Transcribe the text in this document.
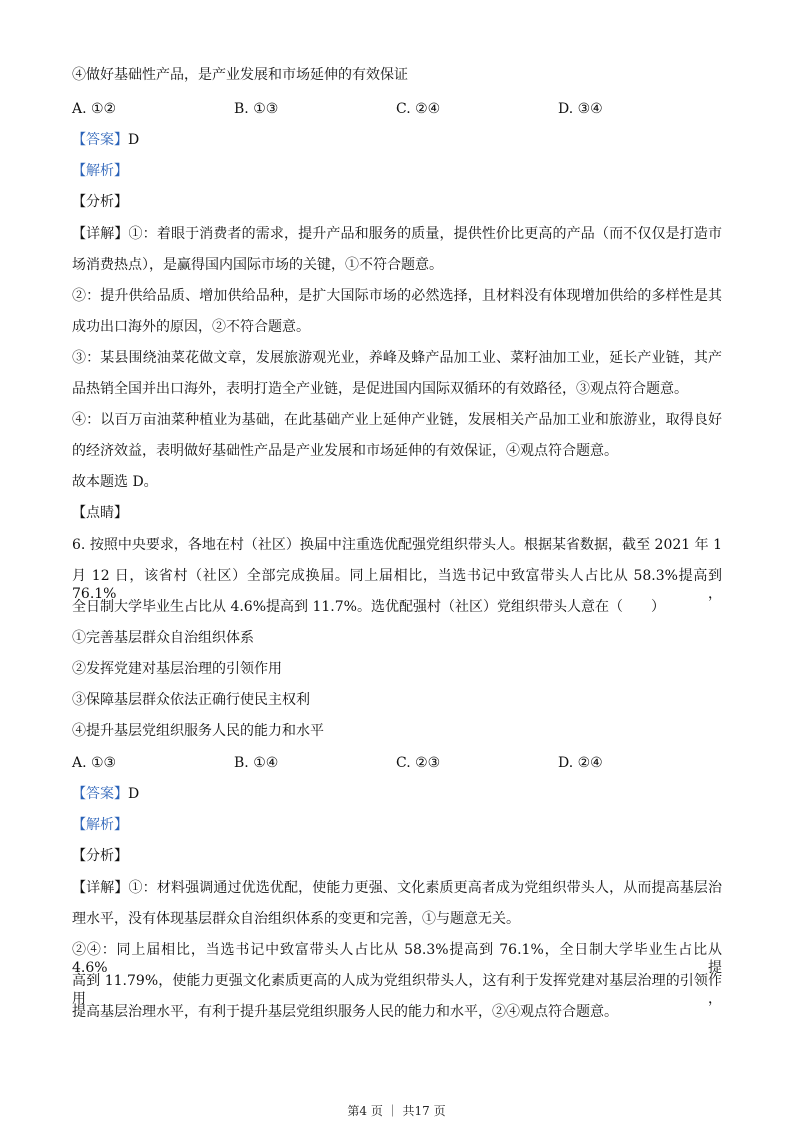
④做好基础性产品，是产业发展和市场延伸的有效保证
A. ①②	B. ①③	C. ②④	D. ③④
【答案】D
【解析】
【分析】
【详解】①：着眼于消费者的需求，提升产品和服务的质量，提供性价比更高的产品（而不仅仅是打造市
场消费热点），是赢得国内国际市场的关键，①不符合题意。
②：提升供给品质、增加供给品种，是扩大国际市场的必然选择，且材料没有体现增加供给的多样性是其
成功出口海外的原因，②不符合题意。
③：某县围绕油菜花做文章，发展旅游观光业，养峰及蜂产品加工业、菜籽油加工业，延长产业链，其产
品热销全国并出口海外，表明打造全产业链，是促进国内国际双循环的有效路径，③观点符合题意。
④：以百万亩油菜种植业为基础，在此基础产业上延伸产业链，发展相关产品加工业和旅游业，取得良好
的经济效益，表明做好基础性产品是产业发展和市场延伸的有效保证，④观点符合题意。
故本题选 D。
【点睛】
6. 按照中央要求，各地在村（社区）换届中注重选优配强党组织带头人。根据某省数据，截至 2021 年 1
月 12 日，该省村（社区）全部完成换届。同上届相比，当选书记中致富带头人占比从 58.3%提高到 76.1%，
全日制大学毕业生占比从 4.6%提高到 11.7%。选优配强村（社区）党组织带头人意在（　　）
①完善基层群众自治组织体系
②发挥党建对基层治理的引领作用
③保障基层群众依法正确行使民主权利
④提升基层党组织服务人民的能力和水平
A. ①③	B. ①④	C. ②③	D. ②④
【答案】D
【解析】
【分析】
【详解】①：材料强调通过优选优配，使能力更强、文化素质更高者成为党组织带头人，从而提高基层治
理水平，没有体现基层群众自治组织体系的变更和完善，①与题意无关。
②④：同上届相比，当选书记中致富带头人占比从 58.3%提高到 76.1%，全日制大学毕业生占比从 4.6%提
高到 11.79%，使能力更强文化素质更高的人成为党组织带头人，这有利于发挥党建对基层治理的引领作用，
提高基层治理水平，有利于提升基层党组织服务人民的能力和水平，②④观点符合题意。
第4 页 ｜ 共17 页
